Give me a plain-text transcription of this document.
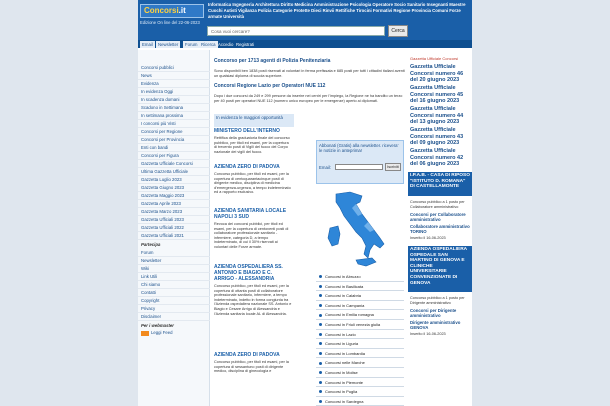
Concorsi.it
Edizione On line del 22-06-2023
Informatica Ingegneria Architettura Diritto Medicina Amministrazione Psicologia Operatore Socio Sanitario Insegnanti Maestre Cuochi Autisti Vigilanza Polizia Categorie Protette Dieci Rinvii Rettifiche Tirocini Formativi Regione Provincia Comuni Forze armate Università
Cosa vuoi cercare?	Cerca
Email	Newsletter	Forum Ricerca Accedi o Registrati
Concorsi pubblici
News
Evidenza
In evidenza Oggi
In scadenza domani
Scadono in Settimana
In settimana prossima
I concorsi più Visti
Concorsi per Regione
Concorsi per Provincia
Enti con bandi
Concorsi per Figura
Gazzetta Ufficiale Concorsi
Ultima Gazzetta Ufficiale
Gazzetta Luglio 2023
Gazzetta Giugno 2023
Gazzetta Maggio 2023
Gazzetta Aprile 2023
Gazzetta Marzo 2023
Gazzetta Ufficiali 2023
Gazzetta Ufficiali 2022
Gazzetta Ufficiali 2021
Partecipa
Forum
Newsletter
Wiki
Link Utili
Chi siamo
Contatti
Copyright
Privacy
Disclaimer
Per i webmaster
Leggi Feed
Concorso per 1713 agenti di Polizia Penitenziaria
Sono disponibili ben 1838 posti riservati ai volontari in ferma prefissata e 685 posti per tutti i cittadini italiani aventi un qualsiasi diploma di scuola superiore.
Concorsi Regione Lazio per Operatori NUE 112
Dopo i due concorsi da 249 e 299 persone da inserire nei centri per l'impiego, la Regione ne ha bandito un terzo per 40 posti per operatori NUE 112 (numero unico europeo per le emergenze) aperto ai diplomati.
In evidenza le maggiori opportunità
MINISTERO DELL'INTERNO
Rettifica della graduatoria finale del concorso pubblico, per titoli ed esami, per la copertura di trecento posti di Vigili del fuoco del Corpo nazionale dei vigili del fuoco.
AZIENDA ZERO DI PADOVA
Concorso pubblico, per titoli ed esami, per la copertura di centoquarantacinque posti di dirigente medico, disciplina di medicina d'emergenza-urgenza, a tempo indeterminato ed a rapporto esclusivo.
AZIENDA SANITARIA LOCALE NAPOLI 3 SUD
Revoca dei concorsi pubblici, per titoli ed esami, per la copertura di centoventi posti di collaboratore professionale sanitario - infermiere, categoria D, a tempo indeterminato, di cui il 30% riservati ai volontari delle Forze armate.
AZIENDA OSPEDALIERA SS. ANTONIO E BIAGIO E C. ARRIGO - ALESSANDRIA
Concorso pubblico, per titoli ed esami, per la copertura di ottanta posti di collaboratore professionale sanitario, infermiere, a tempo indeterminato, indetto in forma congiunta tra l'Azienda ospedaliera nazionale SS. Antonio e Biagio e Cesare Arrigo di Alessandria e l'Azienda sanitaria locale AL di Alessandria.
AZIENDA ZERO DI PADOVA
Concorso pubblico, per titoli ed esami, per la copertura di sessantuno posti di dirigente medico, disciplina di ginecologia e
Abbonati (Gratis) alla newsletter. ricevera' le notizie in anteprima!
Email:	Iscriviti
Concorsi in Abruzzo
Concorsi in Basilicata
Concorsi in Calabria
Concorsi in Campania
Concorsi in Emilia romagna
Concorsi in Friuli venezia giulia
Concorsi in Lazio
Concorsi in Liguria
Concorsi in Lombardia
Concorsi nelle Marche
Concorsi in Molise
Concorsi in Piemonte
Concorsi in Puglia
Concorsi in Sardegna
Gazzetta Ufficiale Concorsi
Gazzetta Ufficiale Concorsi numero 46 del 20 giugno 2023
Gazzetta Ufficiale Concorsi numero 45 del 16 giugno 2023
Gazzetta Ufficiale Concorsi numero 44 del 13 giugno 2023
Gazzetta Ufficiale Concorsi numero 43 del 09 giugno 2023
Gazzetta Ufficiale Concorsi numero 42 del 06 giugno 2023
I.P.A.B. - CASA DI RIPOSO "ISTITUTO D. ROMANA" DI CASTELLAMONTE
Concorso pubblico a 1 posto per Collaboratore amministrativo
Concorsi per Collaboratore amministrativo
Collaboratore amministrativo TORINO
Inserito il 16-06-2023
AZIENDA OSPEDALIERA OSPEDALE SAN MARTINO DI GENOVA E CLINICHE UNIVERSITARIE CONVENZIONATE DI GENOVA
Concorso pubblico a 1 posto per Dirigente amministrativo
Concorsi per Dirigente amministrativo
Dirigente amministrativo GENOVA
Inserito il 16-06-2023
